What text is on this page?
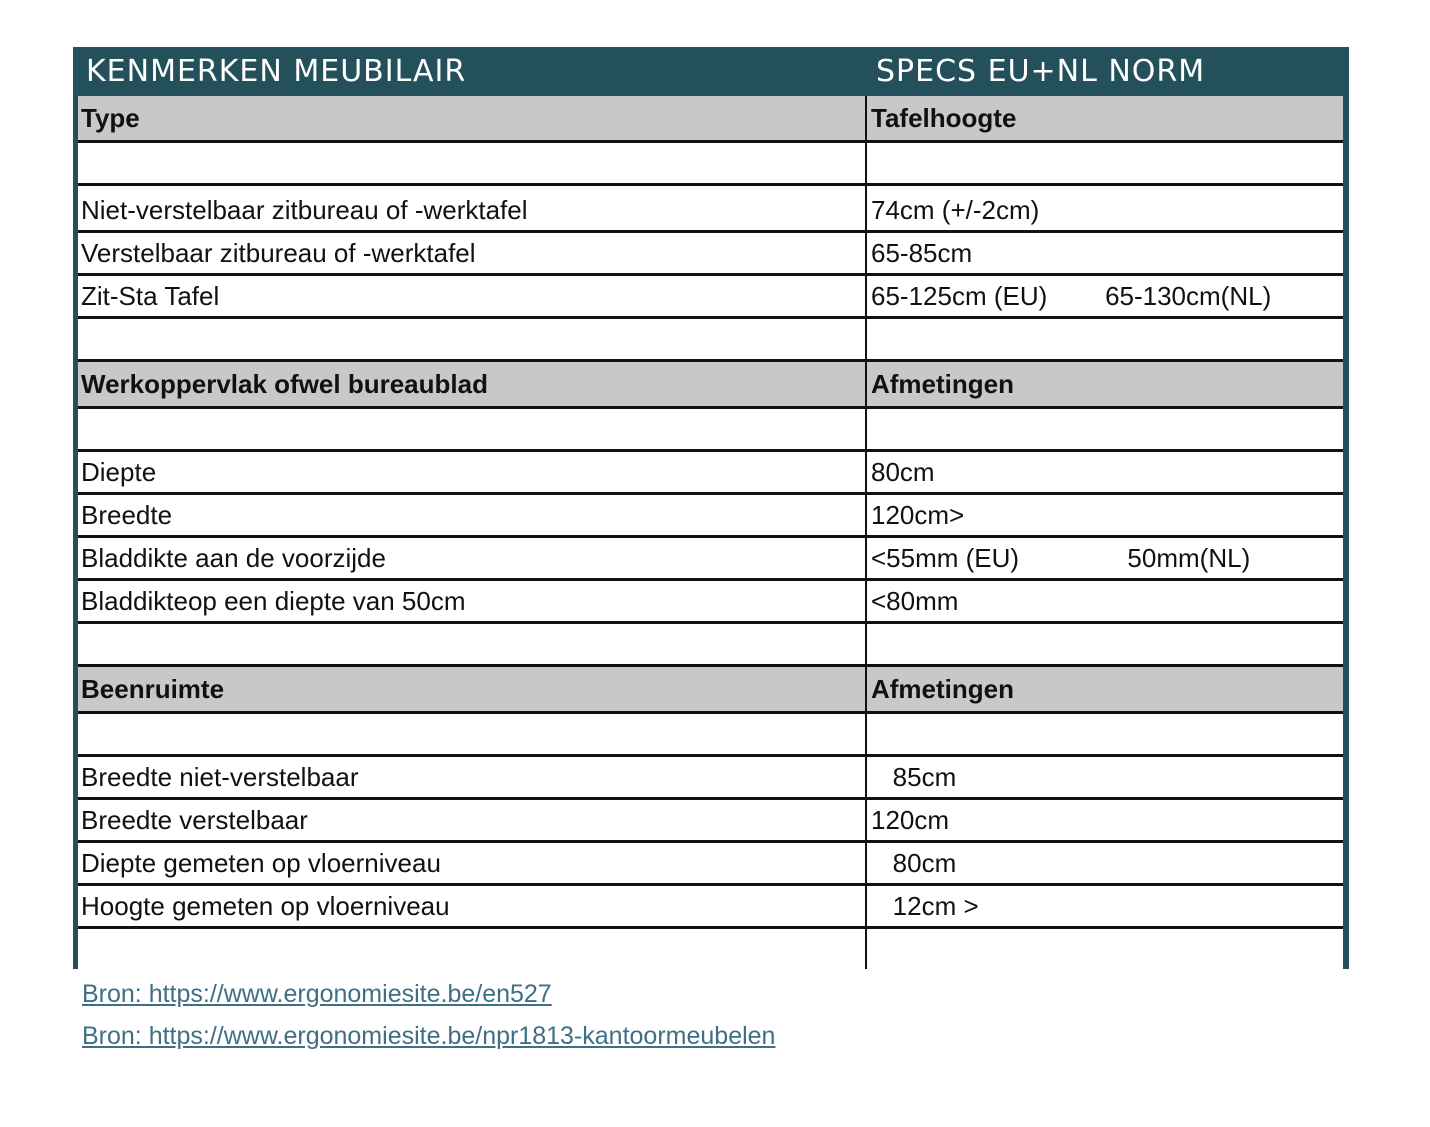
KENMERKEN MEUBILAIR	SPECS EU+NL NORM
Type	Tafelhoogte
Niet-verstelbaar zitbureau of -werktafel	74cm (+/-2cm)
Verstelbaar zitbureau of -werktafel	65-85cm
Zit-Sta Tafel	65-125cm (EU)        65-130cm(NL)
Werkoppervlak ofwel bureaublad	Afmetingen
Diepte	80cm
Breedte	120cm>
Bladdikte aan de voorzijde	<55mm (EU)               50mm(NL)
Bladdikteop een diepte van 50cm	<80mm
Beenruimte	Afmetingen
Breedte niet-verstelbaar	85cm
Breedte verstelbaar	120cm
Diepte gemeten op vloerniveau	80cm
Hoogte gemeten op vloerniveau	12cm >
Bron: https://www.ergonomiesite.be/en527
Bron: https://www.ergonomiesite.be/npr1813-kantoormeubelen
